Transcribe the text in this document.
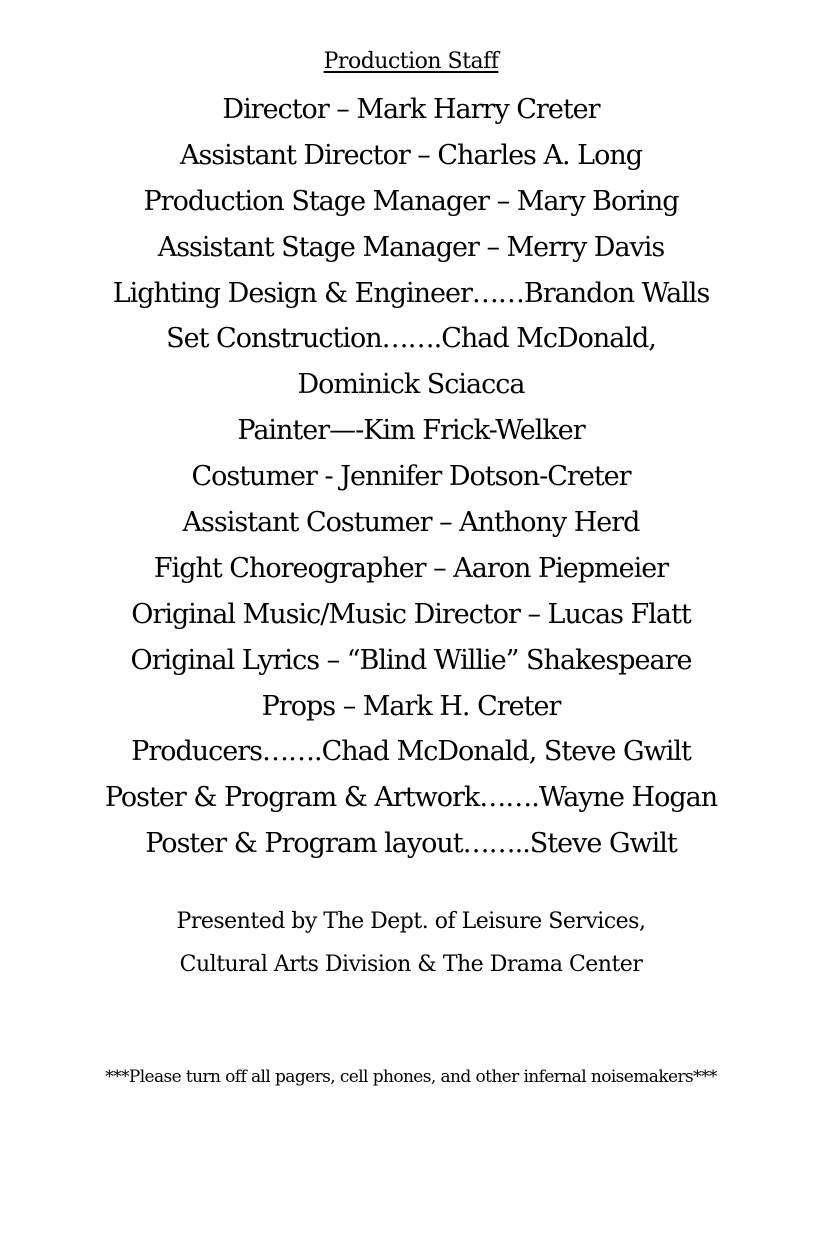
Production Staff
Director – Mark Harry Creter
Assistant Director – Charles A. Long
Production Stage Manager – Mary Boring
Assistant Stage Manager – Merry Davis
Lighting Design & Engineer……Brandon Walls
Set Construction…….Chad McDonald,
Dominick Sciacca
Painter—-Kim Frick-Welker
Costumer - Jennifer Dotson-Creter
Assistant Costumer – Anthony Herd
Fight Choreographer – Aaron Piepmeier
Original Music/Music Director – Lucas Flatt
Original Lyrics – “Blind Willie” Shakespeare
Props – Mark H. Creter
Producers…….Chad McDonald, Steve Gwilt
Poster & Program & Artwork…….Wayne Hogan
Poster & Program layout……..Steve Gwilt
Presented by The Dept. of Leisure Services,
Cultural Arts Division & The Drama Center
***Please turn off all pagers, cell phones, and other infernal noisemakers***
